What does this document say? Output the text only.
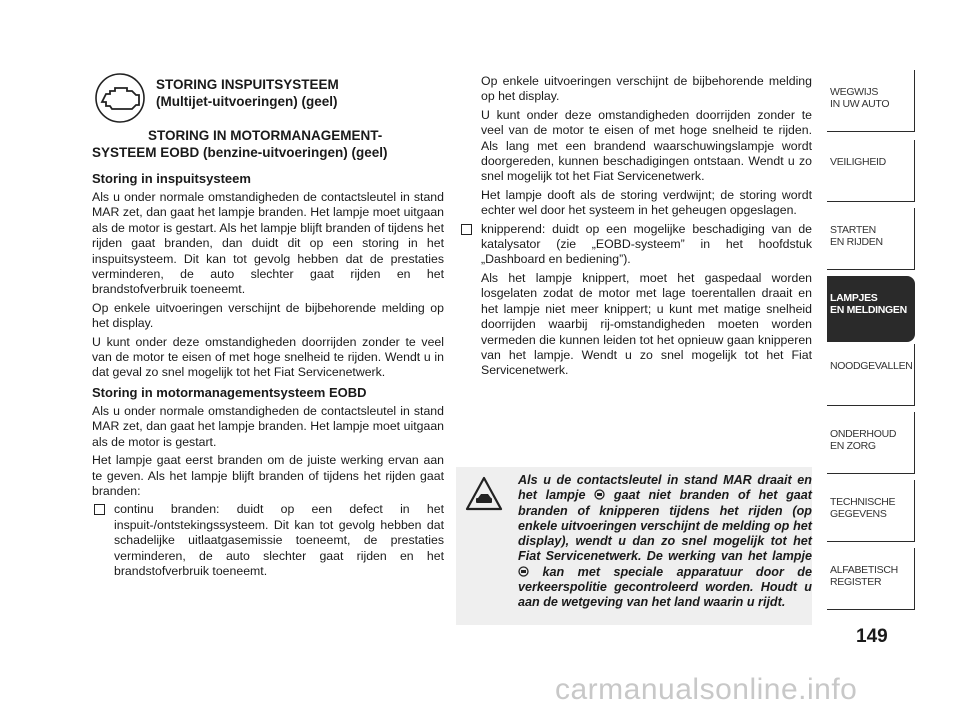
STORING INSPUITSYSTEEM
(Multijet-uitvoeringen) (geel)
STORING IN MOTORMANAGEMENT-
SYSTEEM EOBD (benzine-uitvoeringen) (geel)
Storing in inspuitsysteem

Als u onder normale omstandigheden de contactsleutel in stand MAR zet, dan gaat het lampje branden. Het lampje moet uitgaan als de motor is gestart. Als het lampje blijft branden of tijdens het rijden gaat branden, dan duidt dit op een storing in het inspuitsysteem. Dit kan tot gevolg hebben dat de prestaties verminderen, de auto slechter gaat rijden en het brandstofverbruik toeneemt.

Op enkele uitvoeringen verschijnt de bijbehorende melding op het display.

U kunt onder deze omstandigheden doorrijden zonder te veel van de motor te eisen of met hoge snelheid te rijden. Wendt u in dat geval zo snel mogelijk tot het Fiat Servicenetwerk.

Storing in motormanagementsysteem EOBD

Als u onder normale omstandigheden de contactsleutel in stand MAR zet, dan gaat het lampje branden. Het lampje moet uitgaan als de motor is gestart.

Het lampje gaat eerst branden om de juiste werking ervan aan te geven. Als het lampje blijft branden of tijdens het rijden gaat branden:

continu branden: duidt op een defect in het inspuit-/ontstekingssysteem. Dit kan tot gevolg hebben dat schadelijke uitlaatgasemissie toeneemt, de prestaties verminderen, de auto slechter gaat rijden en het brandstofverbruik toeneemt.

Op enkele uitvoeringen verschijnt de bijbehorende melding op het display.

U kunt onder deze omstandigheden doorrijden zonder te veel van de motor te eisen of met hoge snelheid te rijden. Als lang met een brandend waarschuwingslampje wordt doorgereden, kunnen beschadigingen ontstaan. Wendt u zo snel mogelijk tot het Fiat Servicenetwerk.

Het lampje dooft als de storing verdwijnt; de storing wordt echter wel door het systeem in het geheugen opgeslagen.

knipperend: duidt op een mogelijke beschadiging van de katalysator (zie „EOBD-systeem” in het hoofdstuk „Dashboard en bediening”).

Als het lampje knippert, moet het gaspedaal worden losgelaten zodat de motor met lage toerentallen draait en het lampje niet meer knippert; u kunt met matige snelheid doorrijden waarbij rij-omstandigheden moeten worden vermeden die kunnen leiden tot het opnieuw gaan knipperen van het lampje. Wendt u zo snel mogelijk tot het Fiat Servicenetwerk.

Als u de contactsleutel in stand MAR draait en het lampje gaat niet branden of het gaat branden of knipperen tijdens het rijden (op enkele uitvoeringen verschijnt de melding op het display), wendt u dan zo snel mogelijk tot het Fiat Servicenetwerk. De werking van het lampje  kan met speciale apparatuur door de verkeerspolitie gecontroleerd worden. Houdt u aan de wetgeving van het land waarin u rijdt.
WEGWIJS
IN UW AUTO
VEILIGHEID
STARTEN
EN RIJDEN
LAMPJES
EN MELDINGEN
NOODGEVALLEN
ONDERHOUD
EN ZORG
TECHNISCHE
GEGEVENS
ALFABETISCH
REGISTER
149
carmanualsonline.info
